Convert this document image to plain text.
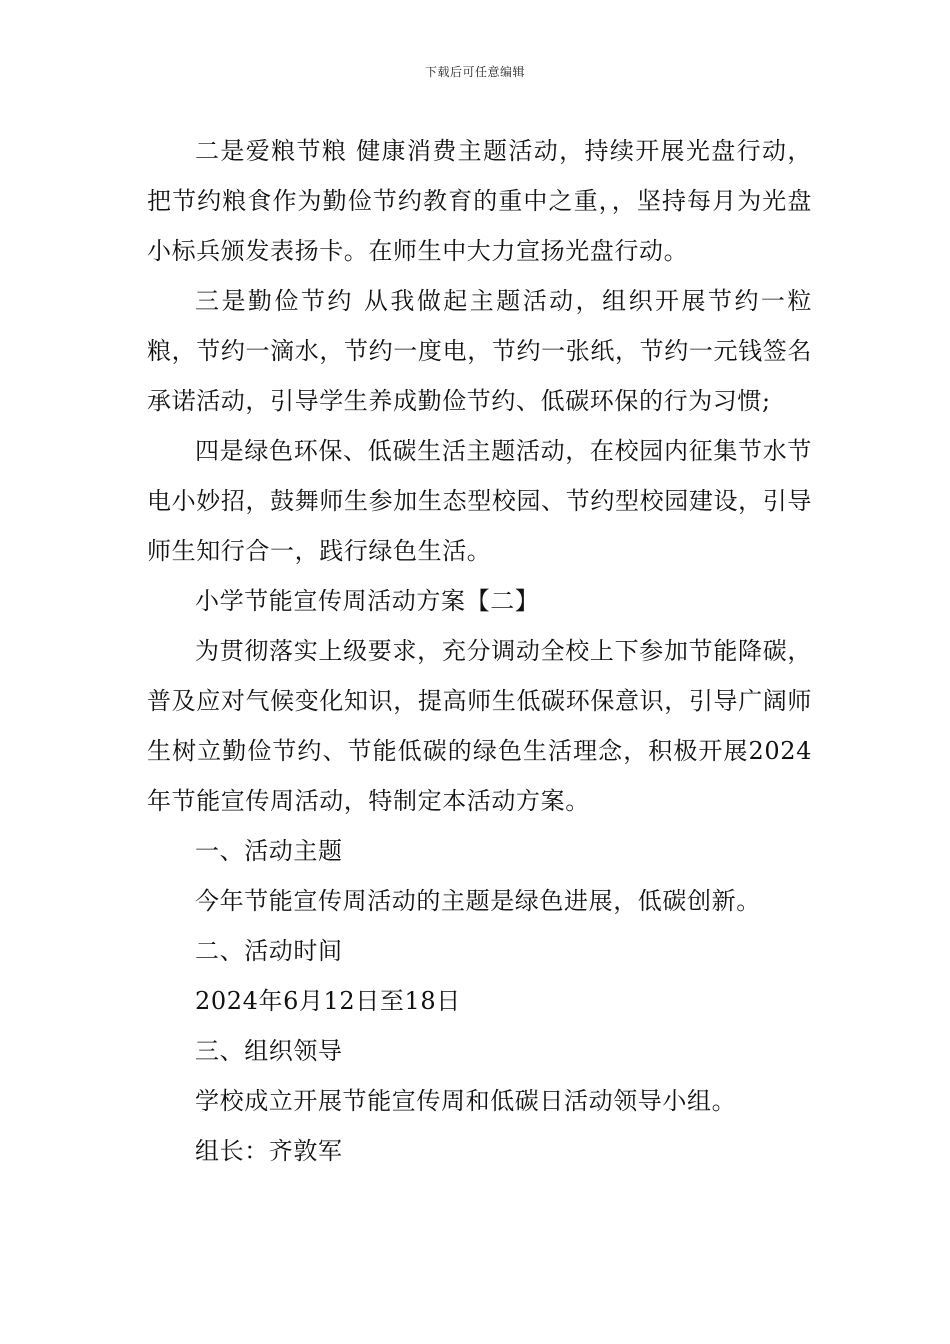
下载后可任意编辑

二是爱粮节粮 健康消费主题活动，持续开展光盘行动，把节约粮食作为勤俭节约教育的重中之重，，坚持每月为光盘小标兵颁发表扬卡。在师生中大力宣扬光盘行动。

三是勤俭节约 从我做起主题活动，组织开展节约一粒粮，节约一滴水，节约一度电，节约一张纸，节约一元钱签名承诺活动，引导学生养成勤俭节约、低碳环保的行为习惯;

四是绿色环保、低碳生活主题活动，在校园内征集节水节电小妙招，鼓舞师生参加生态型校园、节约型校园建设，引导师生知行合一，践行绿色生活。

小学节能宣传周活动方案【二】

为贯彻落实上级要求，充分调动全校上下参加节能降碳，普及应对气候变化知识，提高师生低碳环保意识，引导广阔师生树立勤俭节约、节能低碳的绿色生活理念，积极开展2024年节能宣传周活动，特制定本活动方案。

一、活动主题

今年节能宣传周活动的主题是绿色进展，低碳创新。

二、活动时间

2024年6月12日至18日

三、组织领导

学校成立开展节能宣传周和低碳日活动领导小组。

组长：齐敦军
